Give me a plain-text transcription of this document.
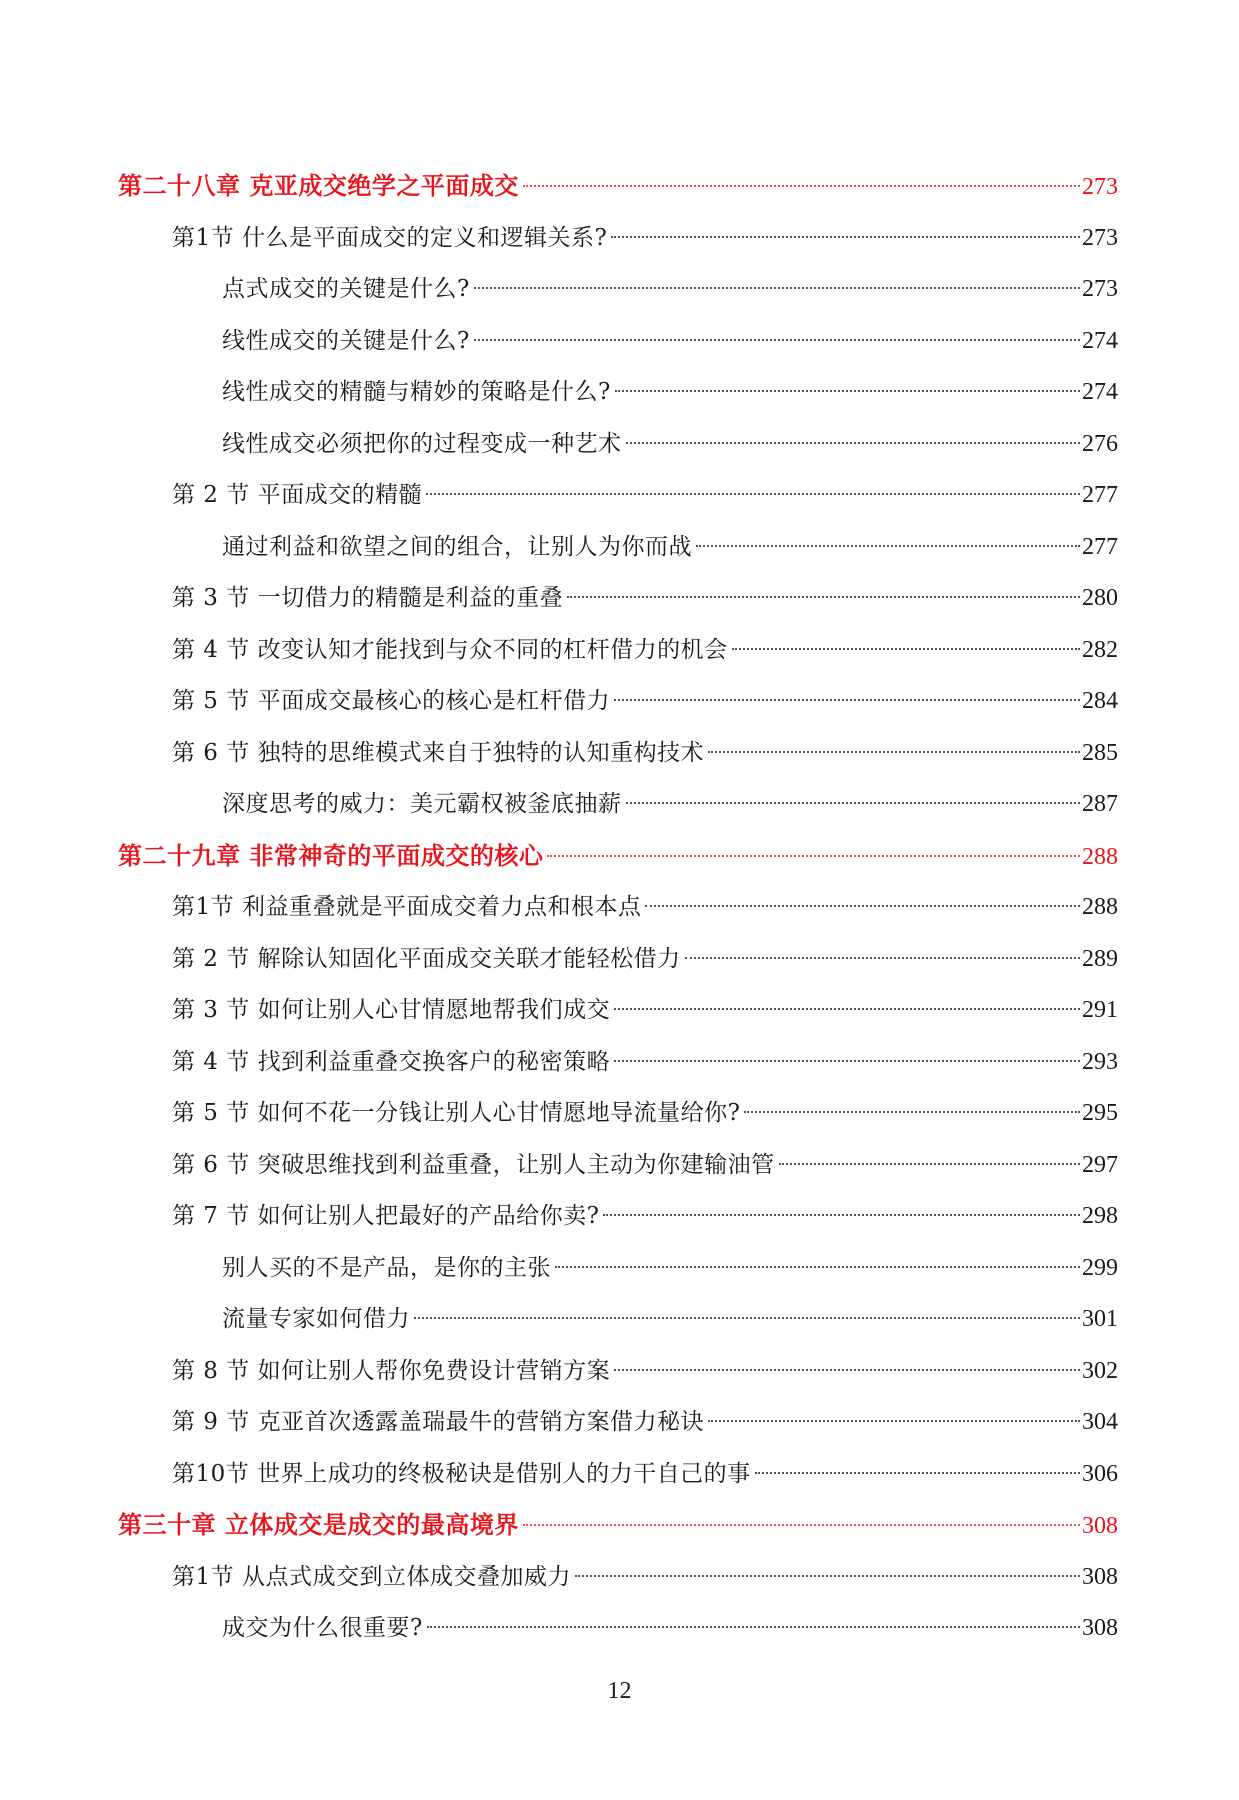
第二十八章 克亚成交绝学之平面成交	273
第1节 什么是平面成交的定义和逻辑关系?	273
点式成交的关键是什么?	273
线性成交的关键是什么?	274
线性成交的精髓与精妙的策略是什么?	274
线性成交必须把你的过程变成一种艺术	276
第 2 节 平面成交的精髓	277
通过利益和欲望之间的组合，让别人为你而战	277
第 3 节 一切借力的精髓是利益的重叠	280
第 4 节 改变认知才能找到与众不同的杠杆借力的机会	282
第 5 节 平面成交最核心的核心是杠杆借力	284
第 6 节 独特的思维模式来自于独特的认知重构技术	285
深度思考的威力：美元霸权被釜底抽薪	287
第二十九章 非常神奇的平面成交的核心	288
第1节 利益重叠就是平面成交着力点和根本点	288
第 2 节 解除认知固化平面成交关联才能轻松借力	289
第 3 节 如何让别人心甘情愿地帮我们成交	291
第 4 节 找到利益重叠交换客户的秘密策略	293
第 5 节 如何不花一分钱让别人心甘情愿地导流量给你?	295
第 6 节 突破思维找到利益重叠，让别人主动为你建输油管	297
第 7 节 如何让别人把最好的产品给你卖?	298
别人买的不是产品，是你的主张	299
流量专家如何借力	301
第 8 节 如何让别人帮你免费设计营销方案	302
第 9 节 克亚首次透露盖瑞最牛的营销方案借力秘诀	304
第10节 世界上成功的终极秘诀是借别人的力干自己的事	306
第三十章 立体成交是成交的最高境界	308
第1节 从点式成交到立体成交叠加威力	308
成交为什么很重要?	308
12
